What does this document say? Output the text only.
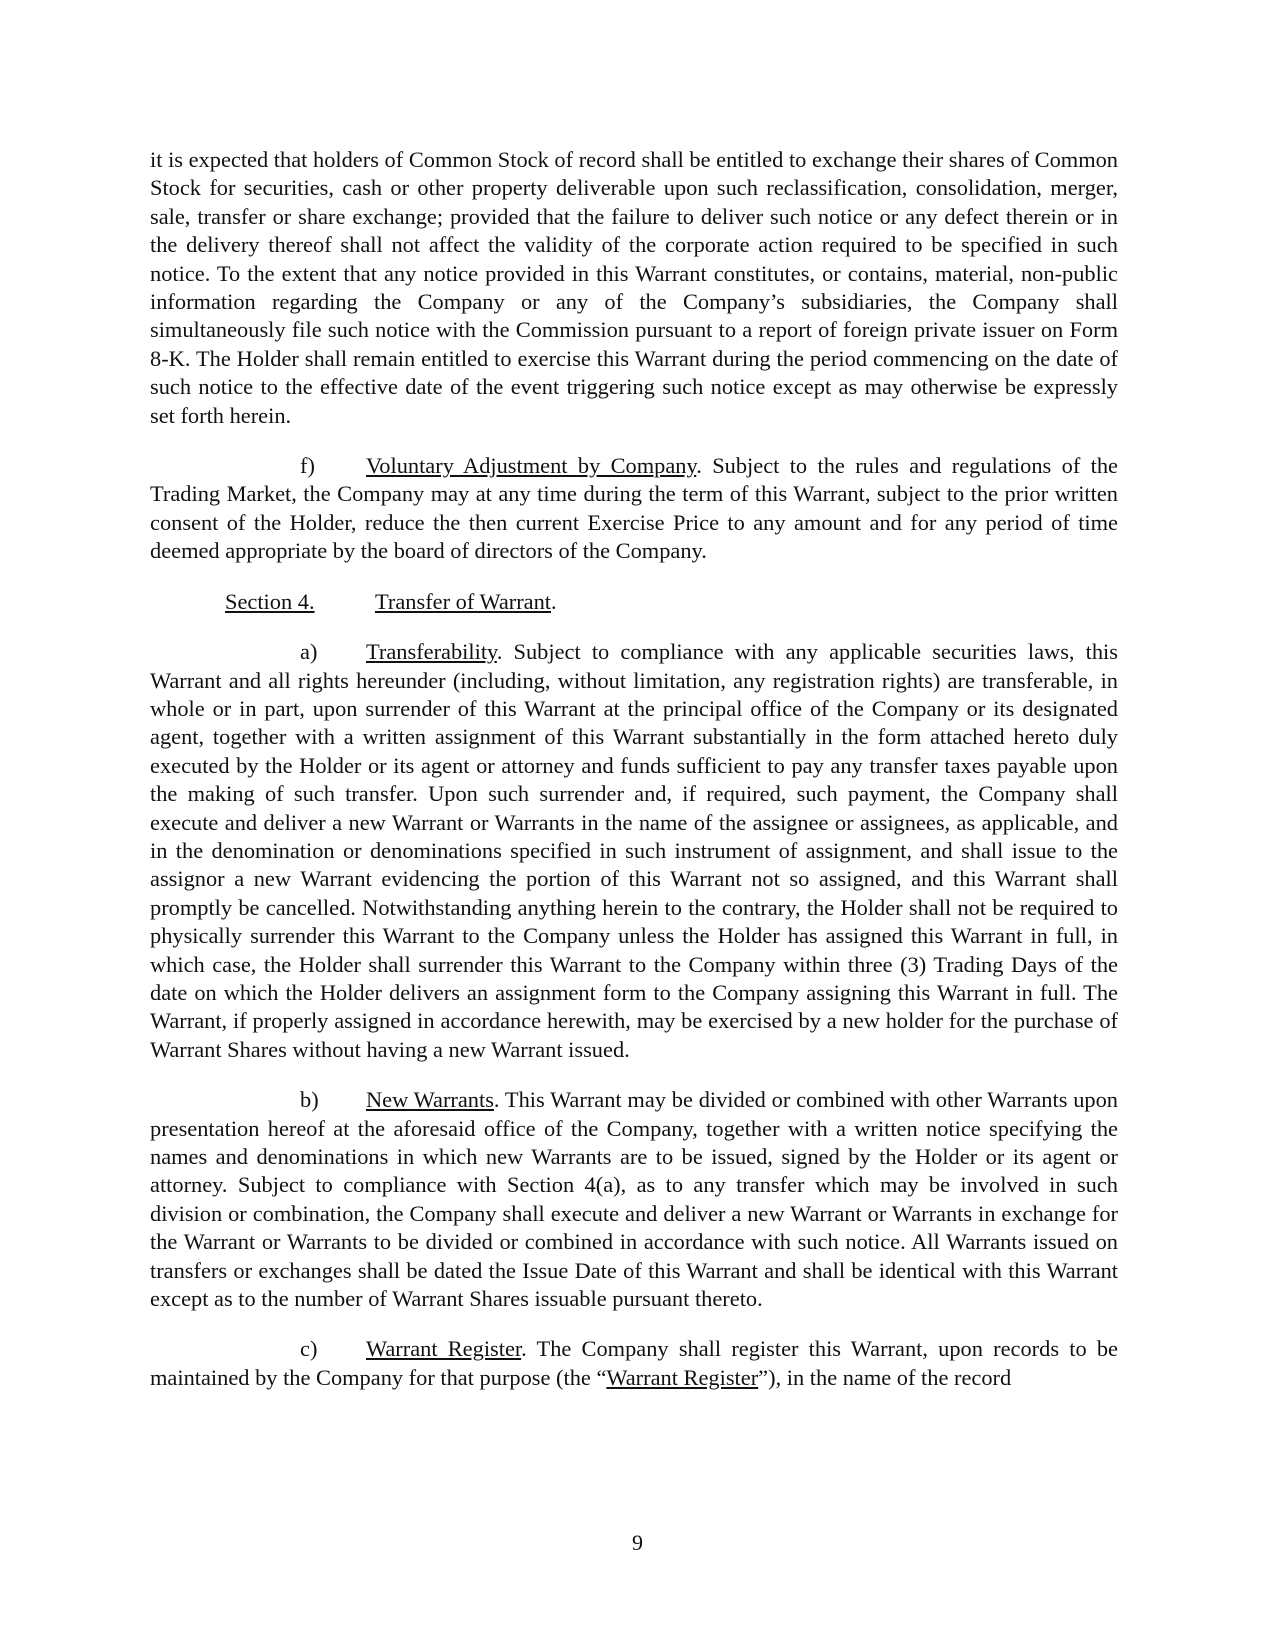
it is expected that holders of Common Stock of record shall be entitled to exchange their shares of Common Stock for securities, cash or other property deliverable upon such reclassification, consolidation, merger, sale, transfer or share exchange; provided that the failure to deliver such notice or any defect therein or in the delivery thereof shall not affect the validity of the corporate action required to be specified in such notice. To the extent that any notice provided in this Warrant constitutes, or contains, material, non-public information regarding the Company or any of the Company’s subsidiaries, the Company shall simultaneously file such notice with the Commission pursuant to a report of foreign private issuer on Form 8-K. The Holder shall remain entitled to exercise this Warrant during the period commencing on the date of such notice to the effective date of the event triggering such notice except as may otherwise be expressly set forth herein.

f) Voluntary Adjustment by Company. Subject to the rules and regulations of the Trading Market, the Company may at any time during the term of this Warrant, subject to the prior written consent of the Holder, reduce the then current Exercise Price to any amount and for any period of time deemed appropriate by the board of directors of the Company.

Section 4.	Transfer of Warrant.

a) Transferability. Subject to compliance with any applicable securities laws, this Warrant and all rights hereunder (including, without limitation, any registration rights) are transferable, in whole or in part, upon surrender of this Warrant at the principal office of the Company or its designated agent, together with a written assignment of this Warrant substantially in the form attached hereto duly executed by the Holder or its agent or attorney and funds sufficient to pay any transfer taxes payable upon the making of such transfer. Upon such surrender and, if required, such payment, the Company shall execute and deliver a new Warrant or Warrants in the name of the assignee or assignees, as applicable, and in the denomination or denominations specified in such instrument of assignment, and shall issue to the assignor a new Warrant evidencing the portion of this Warrant not so assigned, and this Warrant shall promptly be cancelled. Notwithstanding anything herein to the contrary, the Holder shall not be required to physically surrender this Warrant to the Company unless the Holder has assigned this Warrant in full, in which case, the Holder shall surrender this Warrant to the Company within three (3) Trading Days of the date on which the Holder delivers an assignment form to the Company assigning this Warrant in full. The Warrant, if properly assigned in accordance herewith, may be exercised by a new holder for the purchase of Warrant Shares without having a new Warrant issued.

b) New Warrants. This Warrant may be divided or combined with other Warrants upon presentation hereof at the aforesaid office of the Company, together with a written notice specifying the names and denominations in which new Warrants are to be issued, signed by the Holder or its agent or attorney. Subject to compliance with Section 4(a), as to any transfer which may be involved in such division or combination, the Company shall execute and deliver a new Warrant or Warrants in exchange for the Warrant or Warrants to be divided or combined in accordance with such notice. All Warrants issued on transfers or exchanges shall be dated the Issue Date of this Warrant and shall be identical with this Warrant except as to the number of Warrant Shares issuable pursuant thereto.

c) Warrant Register. The Company shall register this Warrant, upon records to be maintained by the Company for that purpose (the “Warrant Register”), in the name of the record

9
